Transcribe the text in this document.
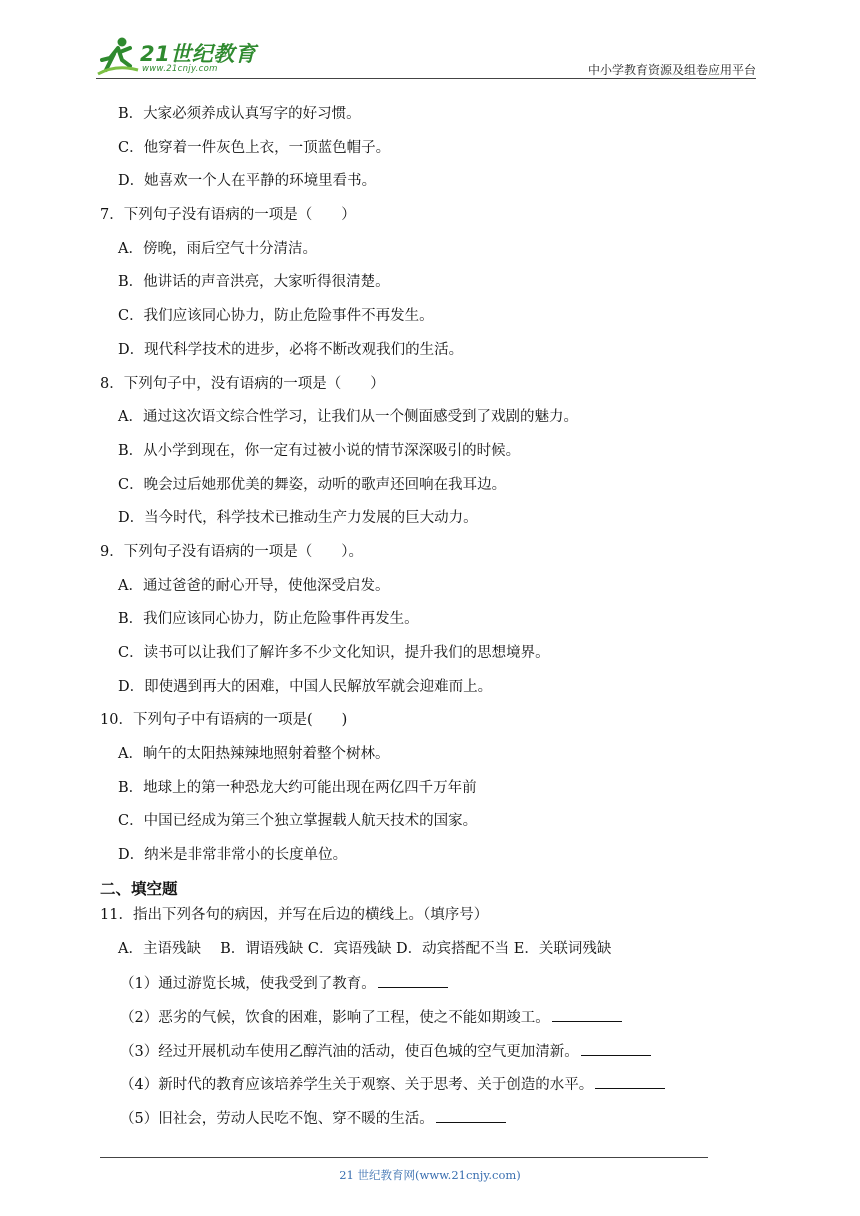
21世纪教育
www.21cnjy.com	中小学教育资源及组卷应用平台
B．大家必须养成认真写字的好习惯。
C．他穿着一件灰色上衣，一顶蓝色帽子。
D．她喜欢一个人在平静的环境里看书。
7．下列句子没有语病的一项是（　　）
A．傍晚，雨后空气十分清洁。
B．他讲话的声音洪亮，大家听得很清楚。
C．我们应该同心协力，防止危险事件不再发生。
D．现代科学技术的进步，必将不断改观我们的生活。
8．下列句子中，没有语病的一项是（　　）
A．通过这次语文综合性学习，让我们从一个侧面感受到了戏剧的魅力。
B．从小学到现在，你一定有过被小说的情节深深吸引的时候。
C．晚会过后她那优美的舞姿，动听的歌声还回响在我耳边。
D．当今时代，科学技术已推动生产力发展的巨大动力。
9．下列句子没有语病的一项是（　　）。
A．通过爸爸的耐心开导，使他深受启发。
B．我们应该同心协力，防止危险事件再发生。
C．读书可以让我们了解许多不少文化知识，提升我们的思想境界。
D．即使遇到再大的困难，中国人民解放军就会迎难而上。
10．下列句子中有语病的一项是(　　)
A．晌午的太阳热辣辣地照射着整个树林。
B．地球上的第一种恐龙大约可能出现在两亿四千万年前
C．中国已经成为第三个独立掌握载人航天技术的国家。
D．纳米是非常非常小的长度单位。
二、填空题
11．指出下列各句的病因，并写在后边的横线上。（填序号）
A．主语残缺　 B．谓语残缺 C．宾语残缺 D．动宾搭配不当 E．关联词残缺
（1）通过游览长城，使我受到了教育。
（2）恶劣的气候，饮食的困难，影响了工程，使之不能如期竣工。
（3）经过开展机动车使用乙醇汽油的活动，使百色城的空气更加清新。
（4）新时代的教育应该培养学生关于观察、关于思考、关于创造的水平。
（5）旧社会，劳动人民吃不饱、穿不暖的生活。
21 世纪教育网(www.21cnjy.com)
